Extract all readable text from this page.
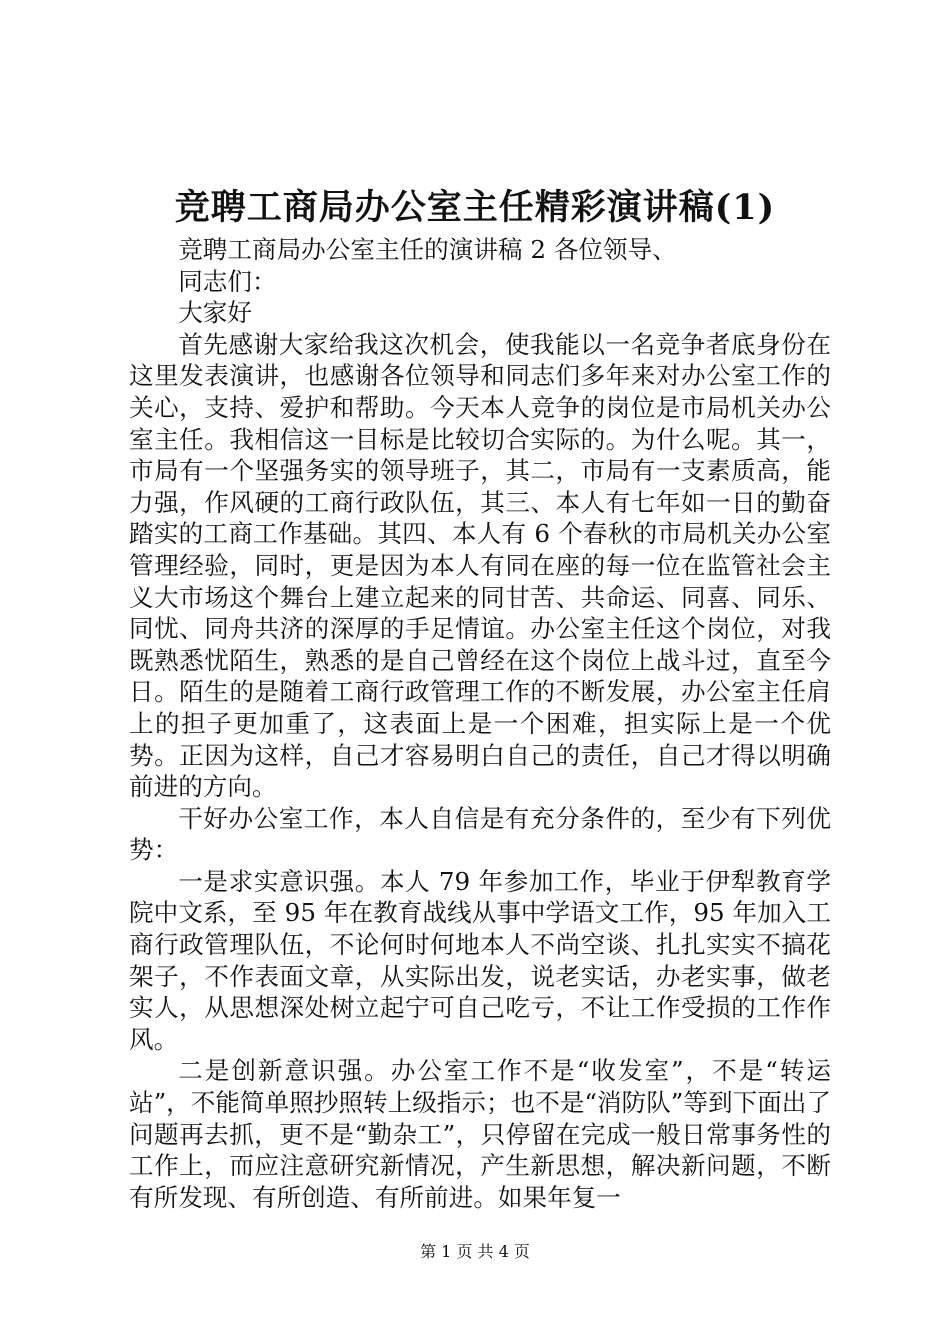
竞聘工商局办公室主任精彩演讲稿(1)

竞聘工商局办公室主任的演讲稿 2 各位领导、

同志们：

大家好

首先感谢大家给我这次机会，使我能以一名竞争者底身份在这里发表演讲，也感谢各位领导和同志们多年来对办公室工作的关心，支持、爱护和帮助。今天本人竞争的岗位是市局机关办公室主任。我相信这一目标是比较切合实际的。为什么呢。其一，市局有一个坚强务实的领导班子，其二，市局有一支素质高，能力强，作风硬的工商行政队伍，其三、本人有七年如一日的勤奋踏实的工商工作基础。其四、本人有 6 个春秋的市局机关办公室管理经验，同时，更是因为本人有同在座的每一位在监管社会主义大市场这个舞台上建立起来的同甘苦、共命运、同喜、同乐、同忧、同舟共济的深厚的手足情谊。办公室主任这个岗位，对我既熟悉忧陌生，熟悉的是自己曾经在这个岗位上战斗过，直至今日。陌生的是随着工商行政管理工作的不断发展，办公室主任肩上的担子更加重了，这表面上是一个困难，担实际上是一个优势。正因为这样，自己才容易明白自己的责任，自己才得以明确前进的方向。

干好办公室工作，本人自信是有充分条件的，至少有下列优势：

一是求实意识强。本人 79 年参加工作，毕业于伊犁教育学院中文系，至 95 年在教育战线从事中学语文工作，95 年加入工商行政管理队伍，不论何时何地本人不尚空谈、扎扎实实不搞花架子，不作表面文章，从实际出发，说老实话，办老实事，做老实人，从思想深处树立起宁可自己吃亏，不让工作受损的工作作风。

二是创新意识强。办公室工作不是“收发室”，不是“转运站”，不能简单照抄照转上级指示；也不是“消防队”等到下面出了问题再去抓，更不是“勤杂工”，只停留在完成一般日常事务性的工作上，而应注意研究新情况，产生新思想，解决新问题，不断有所发现、有所创造、有所前进。如果年复一

第 1 页 共 4 页
